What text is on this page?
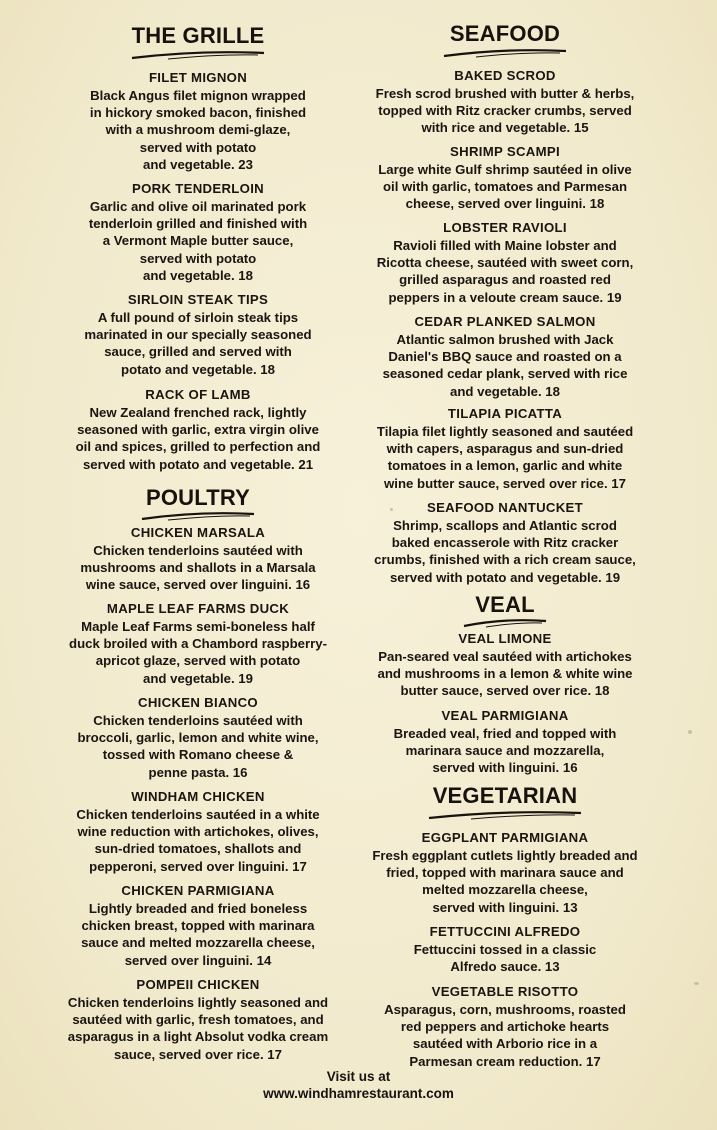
THE GRILLE
FILET MIGNON
Black Angus filet mignon wrapped
in hickory smoked bacon, finished
with a mushroom demi-glaze,
served with potato
and vegetable. 23
PORK TENDERLOIN
Garlic and olive oil marinated pork
tenderloin grilled and finished with
a Vermont Maple butter sauce,
served with potato
and vegetable. 18
SIRLOIN STEAK TIPS
A full pound of sirloin steak tips
marinated in our specially seasoned
sauce, grilled and served with
potato and vegetable. 18
RACK OF LAMB
New Zealand frenched rack, lightly
seasoned with garlic, extra virgin olive
oil and spices, grilled to perfection and
served with potato and vegetable. 21
POULTRY
CHICKEN MARSALA
Chicken tenderloins sautéed with
mushrooms and shallots in a Marsala
wine sauce, served over linguini. 16
MAPLE LEAF FARMS DUCK
Maple Leaf Farms semi-boneless half
duck broiled with a Chambord raspberry-
apricot glaze, served with potato
and vegetable. 19
CHICKEN BIANCO
Chicken tenderloins sautéed with
broccoli, garlic, lemon and white wine,
tossed with Romano cheese &
penne pasta. 16
WINDHAM CHICKEN
Chicken tenderloins sautéed in a white
wine reduction with artichokes, olives,
sun-dried tomatoes, shallots and
pepperoni, served over linguini. 17
CHICKEN PARMIGIANA
Lightly breaded and fried boneless
chicken breast, topped with marinara
sauce and melted mozzarella cheese,
served over linguini. 14
POMPEII CHICKEN
Chicken tenderloins lightly seasoned and
sautéed with garlic, fresh tomatoes, and
asparagus in a light Absolut vodka cream
sauce, served over rice. 17
SEAFOOD
BAKED SCROD
Fresh scrod brushed with butter & herbs,
topped with Ritz cracker crumbs, served
with rice and vegetable. 15
SHRIMP SCAMPI
Large white Gulf shrimp sautéed in olive
oil with garlic, tomatoes and Parmesan
cheese, served over linguini. 18
LOBSTER RAVIOLI
Ravioli filled with Maine lobster and
Ricotta cheese, sautéed with sweet corn,
grilled asparagus and roasted red
peppers in a veloute cream sauce. 19
CEDAR PLANKED SALMON
Atlantic salmon brushed with Jack
Daniel's BBQ sauce and roasted on a
seasoned cedar plank, served with rice
and vegetable. 18
TILAPIA PICATTA
Tilapia filet lightly seasoned and sautéed
with capers, asparagus and sun-dried
tomatoes in a lemon, garlic and white
wine butter sauce, served over rice. 17
SEAFOOD NANTUCKET
Shrimp, scallops and Atlantic scrod
baked encasserole with Ritz cracker
crumbs, finished with a rich cream sauce,
served with potato and vegetable. 19
VEAL
VEAL LIMONE
Pan-seared veal sautéed with artichokes
and mushrooms in a lemon & white wine
butter sauce, served over rice. 18
VEAL PARMIGIANA
Breaded veal, fried and topped with
marinara sauce and mozzarella,
served with linguini. 16
VEGETARIAN
EGGPLANT PARMIGIANA
Fresh eggplant cutlets lightly breaded and
fried, topped with marinara sauce and
melted mozzarella cheese,
served with linguini. 13
FETTUCCINI ALFREDO
Fettuccini tossed in a classic
Alfredo sauce. 13
VEGETABLE RISOTTO
Asparagus, corn, mushrooms, roasted
red peppers and artichoke hearts
sautéed with Arborio rice in a
Parmesan cream reduction. 17
Visit us at
www.windhamrestaurant.com
